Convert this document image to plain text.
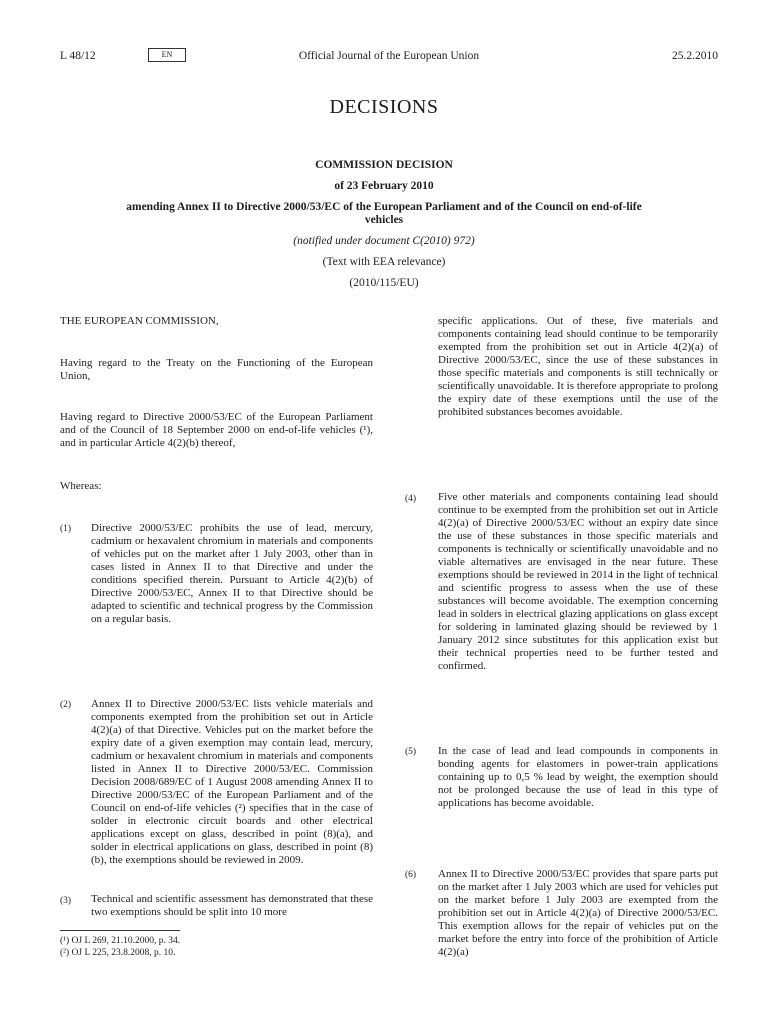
L 48/12	EN	Official Journal of the European Union	25.2.2010
DECISIONS
COMMISSION DECISION
of 23 February 2010
amending Annex II to Directive 2000/53/EC of the European Parliament and of the Council on end-of-life vehicles
(notified under document C(2010) 972)
(Text with EEA relevance)
(2010/115/EU)
THE EUROPEAN COMMISSION,
Having regard to the Treaty on the Functioning of the European Union,
Having regard to Directive 2000/53/EC of the European Parliament and of the Council of 18 September 2000 on end-of-life vehicles (¹), and in particular Article 4(2)(b) thereof,
Whereas:
(1) Directive 2000/53/EC prohibits the use of lead, mercury, cadmium or hexavalent chromium in materials and components of vehicles put on the market after 1 July 2003, other than in cases listed in Annex II to that Directive and under the conditions specified therein. Pursuant to Article 4(2)(b) of Directive 2000/53/EC, Annex II to that Directive should be adapted to scientific and technical progress by the Commission on a regular basis.
(2) Annex II to Directive 2000/53/EC lists vehicle materials and components exempted from the prohibition set out in Article 4(2)(a) of that Directive. Vehicles put on the market before the expiry date of a given exemption may contain lead, mercury, cadmium or hexavalent chromium in materials and components listed in Annex II to Directive 2000/53/EC. Commission Decision 2008/689/EC of 1 August 2008 amending Annex II to Directive 2000/53/EC of the European Parliament and of the Council on end-of-life vehicles (²) specifies that in the case of solder in electronic circuit boards and other electrical applications except on glass, described in point (8)(a), and solder in electrical applications on glass, described in point (8)(b), the exemptions should be reviewed in 2009.
(3) Technical and scientific assessment has demonstrated that these two exemptions should be split into 10 more
specific applications. Out of these, five materials and components containing lead should continue to be temporarily exempted from the prohibition set out in Article 4(2)(a) of Directive 2000/53/EC, since the use of these substances in those specific materials and components is still technically or scientifically unavoidable. It is therefore appropriate to prolong the expiry date of these exemptions until the use of the prohibited substances becomes avoidable.
(4) Five other materials and components containing lead should continue to be exempted from the prohibition set out in Article 4(2)(a) of Directive 2000/53/EC without an expiry date since the use of these substances in those specific materials and components is technically or scientifically unavoidable and no viable alternatives are envisaged in the near future. These exemptions should be reviewed in 2014 in the light of technical and scientific progress to assess when the use of these substances will become avoidable. The exemption concerning lead in solders in electrical glazing applications on glass except for soldering in laminated glazing should be reviewed by 1 January 2012 since substitutes for this application exist but their technical properties need to be further tested and confirmed.
(5) In the case of lead and lead compounds in components in bonding agents for elastomers in power-train applications containing up to 0,5 % lead by weight, the exemption should not be prolonged because the use of lead in this type of applications has become avoidable.
(6) Annex II to Directive 2000/53/EC provides that spare parts put on the market after 1 July 2003 which are used for vehicles put on the market before 1 July 2003 are exempted from the prohibition set out in Article 4(2)(a) of Directive 2000/53/EC. This exemption allows for the repair of vehicles put on the market before the entry into force of the prohibition of Article 4(2)(a)
(¹) OJ L 269, 21.10.2000, p. 34.
(²) OJ L 225, 23.8.2008, p. 10.
